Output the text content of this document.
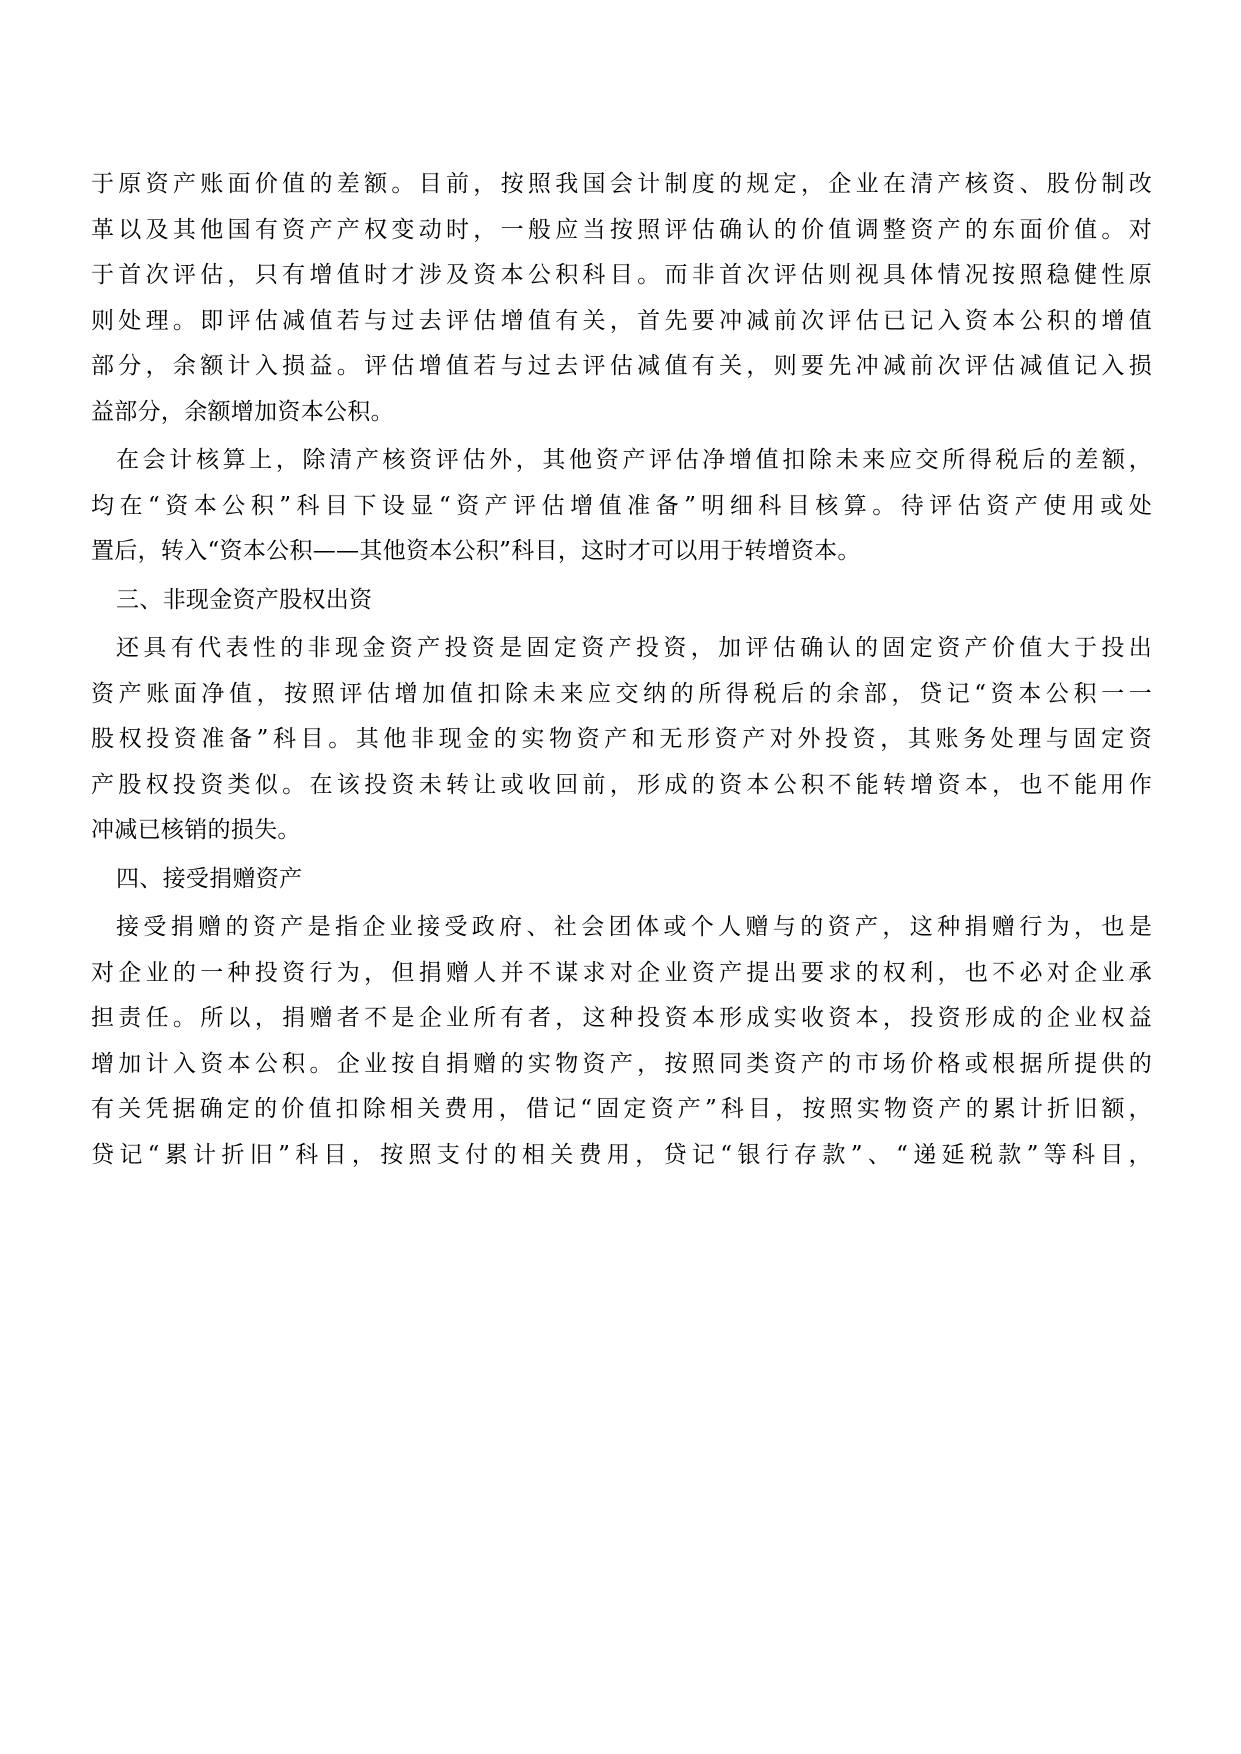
于原资产账面价值的差额。目前，按照我国会计制度的规定，企业在清产核资、股份制改
革以及其他国有资产产权变动时，一般应当按照评估确认的价值调整资产的东面价值。对
于首次评估，只有增值时才涉及资本公积科目。而非首次评估则视具体情况按照稳健性原
则处理。即评估减值若与过去评估增值有关，首先要冲减前次评估已记入资本公积的增值
部分，余额计入损益。评估增值若与过去评估减值有关，则要先冲减前次评估减值记入损
益部分，余额增加资本公积。
在会计核算上，除清产核资评估外，其他资产评估净增值扣除未来应交所得税后的差额，
均在“资本公积”科目下设显“资产评估增值准备”明细科目核算。待评估资产使用或处
置后，转入“资本公积——其他资本公积”科目，这时才可以用于转增资本。
三、非现金资产股权出资
还具有代表性的非现金资产投资是固定资产投资，加评估确认的固定资产价值大于投出
资产账面净值，按照评估增加值扣除未来应交纳的所得税后的余部，贷记“资本公积一一
股权投资准备”科目。其他非现金的实物资产和无形资产对外投资，其账务处理与固定资
产股权投资类似。在该投资未转让或收回前，形成的资本公积不能转增资本，也不能用作
冲减已核销的损失。
四、接受捐赠资产
接受捐赠的资产是指企业接受政府、社会团体或个人赠与的资产，这种捐赠行为，也是
对企业的一种投资行为，但捐赠人并不谋求对企业资产提出要求的权利，也不必对企业承
担责任。所以，捐赠者不是企业所有者，这种投资本形成实收资本，投资形成的企业权益
增加计入资本公积。企业按自捐赠的实物资产，按照同类资产的市场价格或根据所提供的
有关凭据确定的价值扣除相关费用，借记“固定资产”科目，按照实物资产的累计折旧额，
贷记“累计折旧”科目，按照支付的相关费用，贷记“银行存款”、“递延税款”等科目，
